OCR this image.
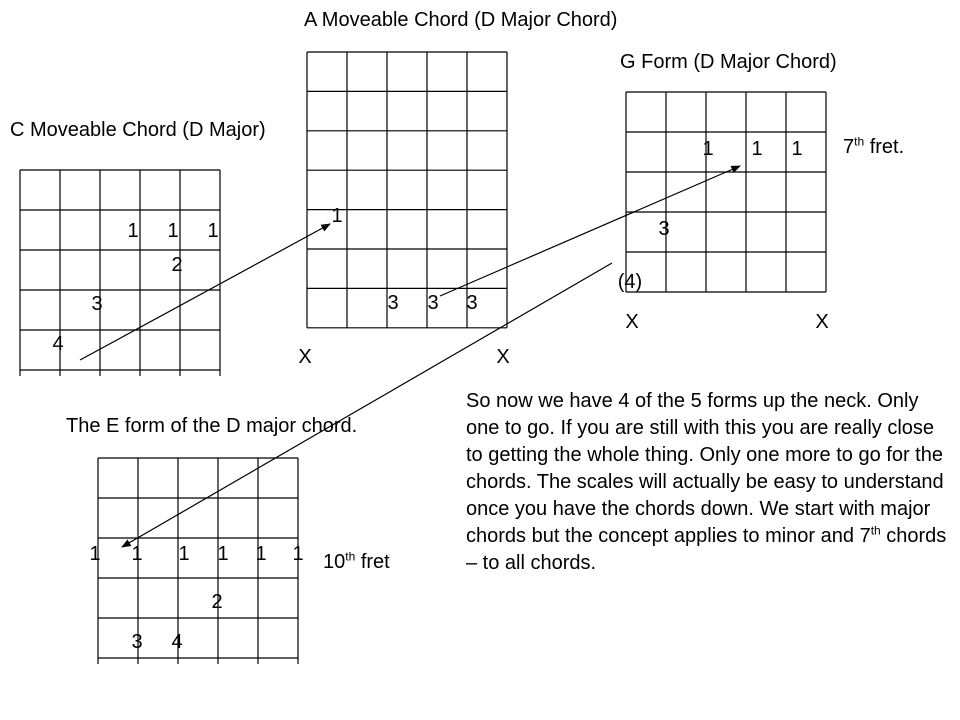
A Moveable Chord (D Major Chord)
G Form (D Major Chord)
C Moveable Chord (D Major)
The E form of the D major chord.
7th fret.
10th fret
1 1 1
2
3
4
1
3 3 3
X	X
1 1 1
3
(4)
X	X
1 1 1 1 1 1
2
3 4

So now we have 4 of the 5 forms up the neck. Only one to go. If you are still with this you are really close to getting the whole thing. Only one more to go for the chords. The scales will actually be easy to understand once you have the chords down. We start with major chords but the concept applies to minor and 7th chords – to all chords.
